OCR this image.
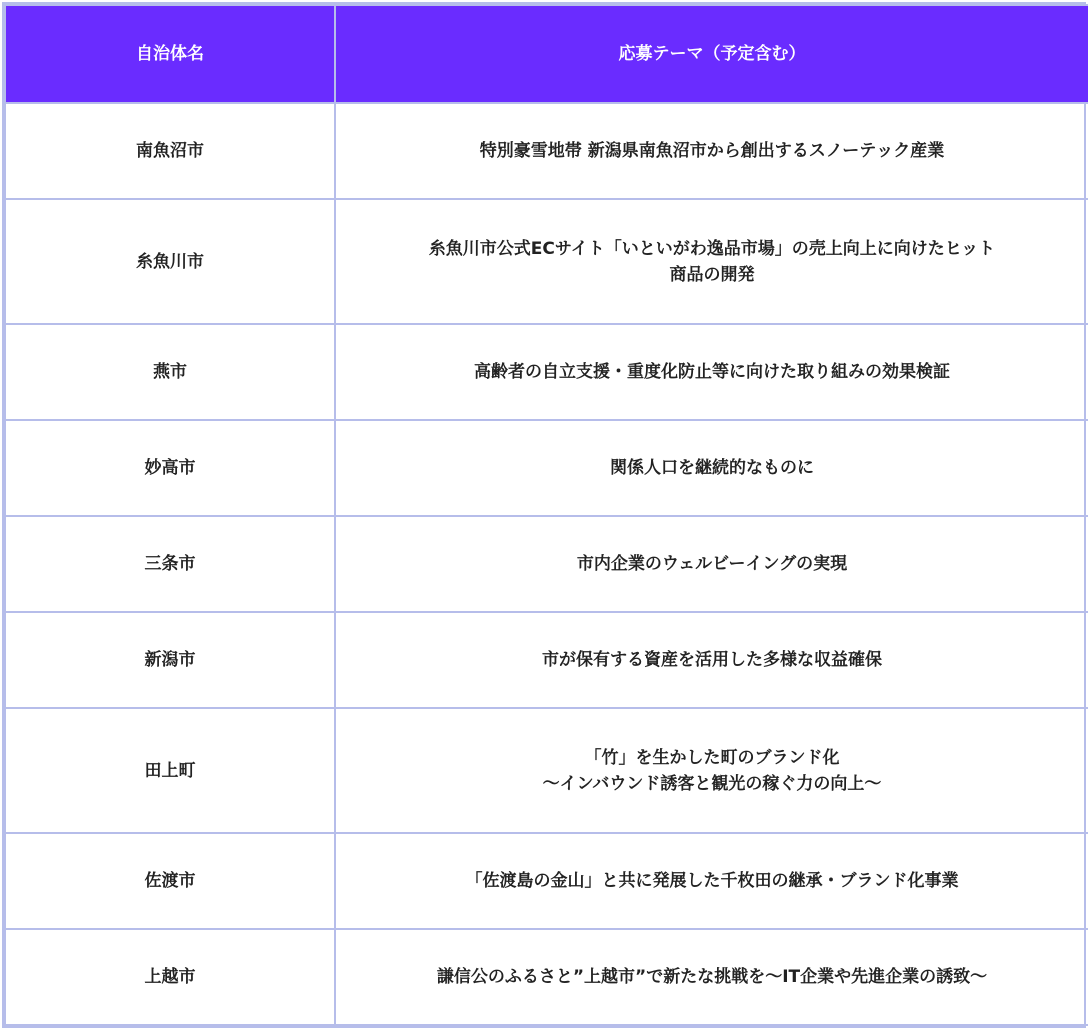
自治体名	応募テーマ（予定含む）
南魚沼市	特別豪雪地帯 新潟県南魚沼市から創出するスノーテック産業

糸魚川市	糸魚川市公式ECサイト「いといがわ逸品市場」の売上向上に向けたヒット
商品の開発

燕市	高齢者の自立支援・重度化防止等に向けた取り組みの効果検証

妙高市	関係人口を継続的なものに

三条市	市内企業のウェルビーイングの実現

新潟市	市が保有する資産を活用した多様な収益確保

田上町	「竹」を生かした町のブランド化
～インバウンド誘客と観光の稼ぐ力の向上～

佐渡市	「佐渡島の金山」と共に発展した千枚田の継承・ブランド化事業

上越市	謙信公のふるさと”上越市”で新たな挑戦を～IT企業や先進企業の誘致～
